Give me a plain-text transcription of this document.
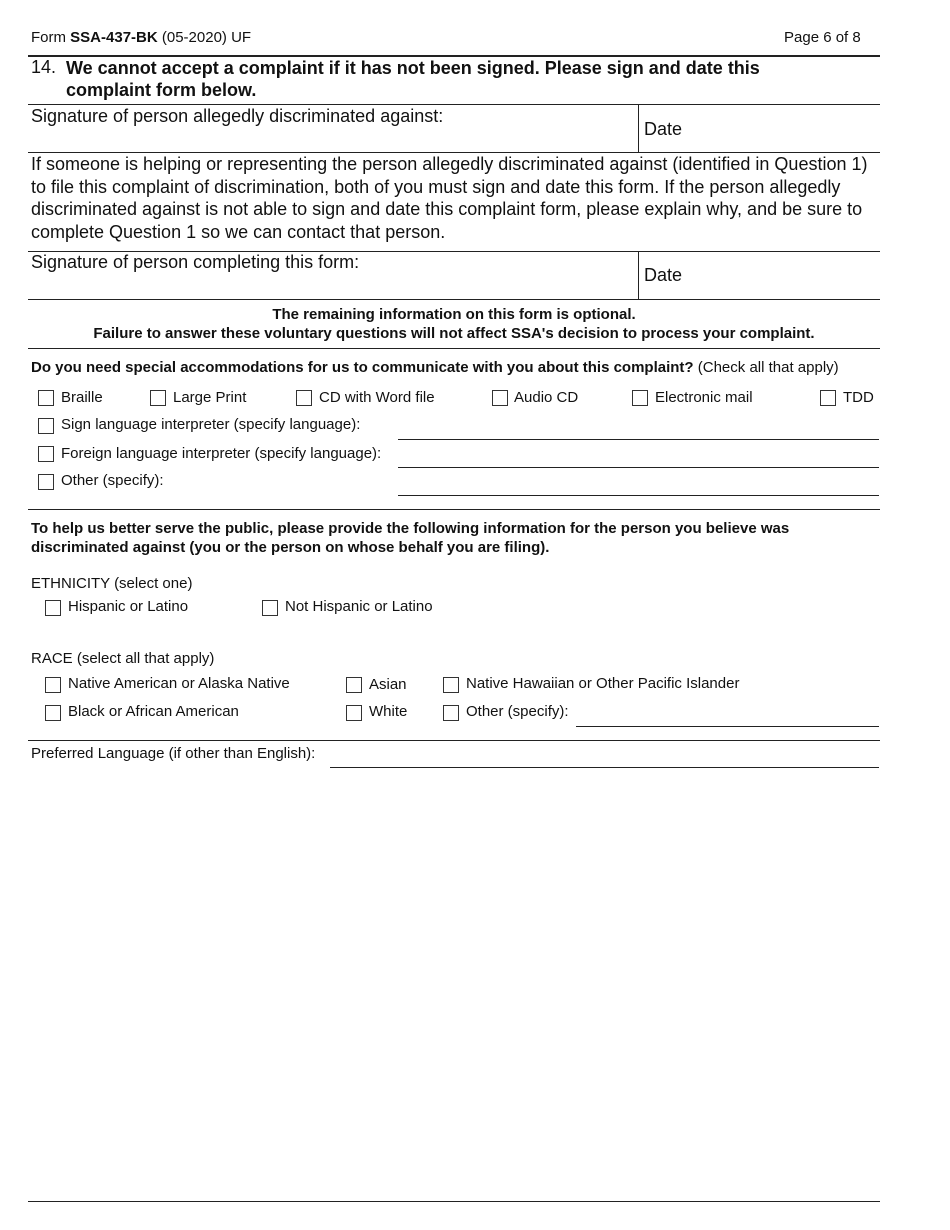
Form SSA-437-BK (05-2020) UF	Page 6 of 8
14. We cannot accept a complaint if it has not been signed. Please sign and date this complaint form below.
Signature of person allegedly discriminated against:
Date
If someone is helping or representing the person allegedly discriminated against (identified in Question 1) to file this complaint of discrimination, both of you must sign and date this form. If the person allegedly discriminated against is not able to sign and date this complaint form, please explain why, and be sure to complete Question 1 so we can contact that person.
Signature of person completing this form:
Date
The remaining information on this form is optional.
Failure to answer these voluntary questions will not affect SSA's decision to process your complaint.
Do you need special accommodations for us to communicate with you about this complaint? (Check all that apply)
Braille	Large Print	CD with Word file	Audio CD	Electronic mail	TDD
Sign language interpreter (specify language):
Foreign language interpreter (specify language):
Other (specify):
To help us better serve the public, please provide the following information for the person you believe was discriminated against (you or the person on whose behalf you are filing).
ETHNICITY (select one)
Hispanic or Latino	Not Hispanic or Latino
RACE (select all that apply)
Native American or Alaska Native	Asian	Native Hawaiian or Other Pacific Islander
Black or African American	White	Other (specify):
Preferred Language (if other than English):
